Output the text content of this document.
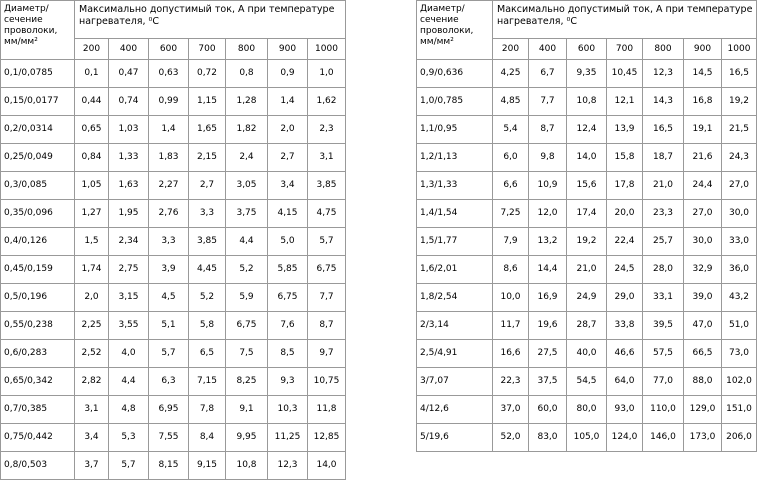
Диаметр/ сечение проволоки, мм/мм²	Максимально допустимый ток, А при температуре нагревателя, ⁰С						
	200	400	600	700	800	900	1000
0,1/0,0785	0,1	0,47	0,63	0,72	0,8	0,9	1,0
0,15/0,0177	0,44	0,74	0,99	1,15	1,28	1,4	1,62
0,2/0,0314	0,65	1,03	1,4	1,65	1,82	2,0	2,3
0,25/0,049	0,84	1,33	1,83	2,15	2,4	2,7	3,1
0,3/0,085	1,05	1,63	2,27	2,7	3,05	3,4	3,85
0,35/0,096	1,27	1,95	2,76	3,3	3,75	4,15	4,75
0,4/0,126	1,5	2,34	3,3	3,85	4,4	5,0	5,7
0,45/0,159	1,74	2,75	3,9	4,45	5,2	5,85	6,75
0,5/0,196	2,0	3,15	4,5	5,2	5,9	6,75	7,7
0,55/0,238	2,25	3,55	5,1	5,8	6,75	7,6	8,7
0,6/0,283	2,52	4,0	5,7	6,5	7,5	8,5	9,7
0,65/0,342	2,82	4,4	6,3	7,15	8,25	9,3	10,75
0,7/0,385	3,1	4,8	6,95	7,8	9,1	10,3	11,8
0,75/0,442	3,4	5,3	7,55	8,4	9,95	11,25	12,85
0,8/0,503	3,7	5,7	8,15	9,15	10,8	12,3	14,0
Диаметр/ сечение проволоки, мм/мм²	Максимально допустимый ток, А при температуре нагревателя, ⁰С						
	200	400	600	700	800	900	1000
0,9/0,636	4,25	6,7	9,35	10,45	12,3	14,5	16,5
1,0/0,785	4,85	7,7	10,8	12,1	14,3	16,8	19,2
1,1/0,95	5,4	8,7	12,4	13,9	16,5	19,1	21,5
1,2/1,13	6,0	9,8	14,0	15,8	18,7	21,6	24,3
1,3/1,33	6,6	10,9	15,6	17,8	21,0	24,4	27,0
1,4/1,54	7,25	12,0	17,4	20,0	23,3	27,0	30,0
1,5/1,77	7,9	13,2	19,2	22,4	25,7	30,0	33,0
1,6/2,01	8,6	14,4	21,0	24,5	28,0	32,9	36,0
1,8/2,54	10,0	16,9	24,9	29,0	33,1	39,0	43,2
2/3,14	11,7	19,6	28,7	33,8	39,5	47,0	51,0
2,5/4,91	16,6	27,5	40,0	46,6	57,5	66,5	73,0
3/7,07	22,3	37,5	54,5	64,0	77,0	88,0	102,0
4/12,6	37,0	60,0	80,0	93,0	110,0	129,0	151,0
5/19,6	52,0	83,0	105,0	124,0	146,0	173,0	206,0
